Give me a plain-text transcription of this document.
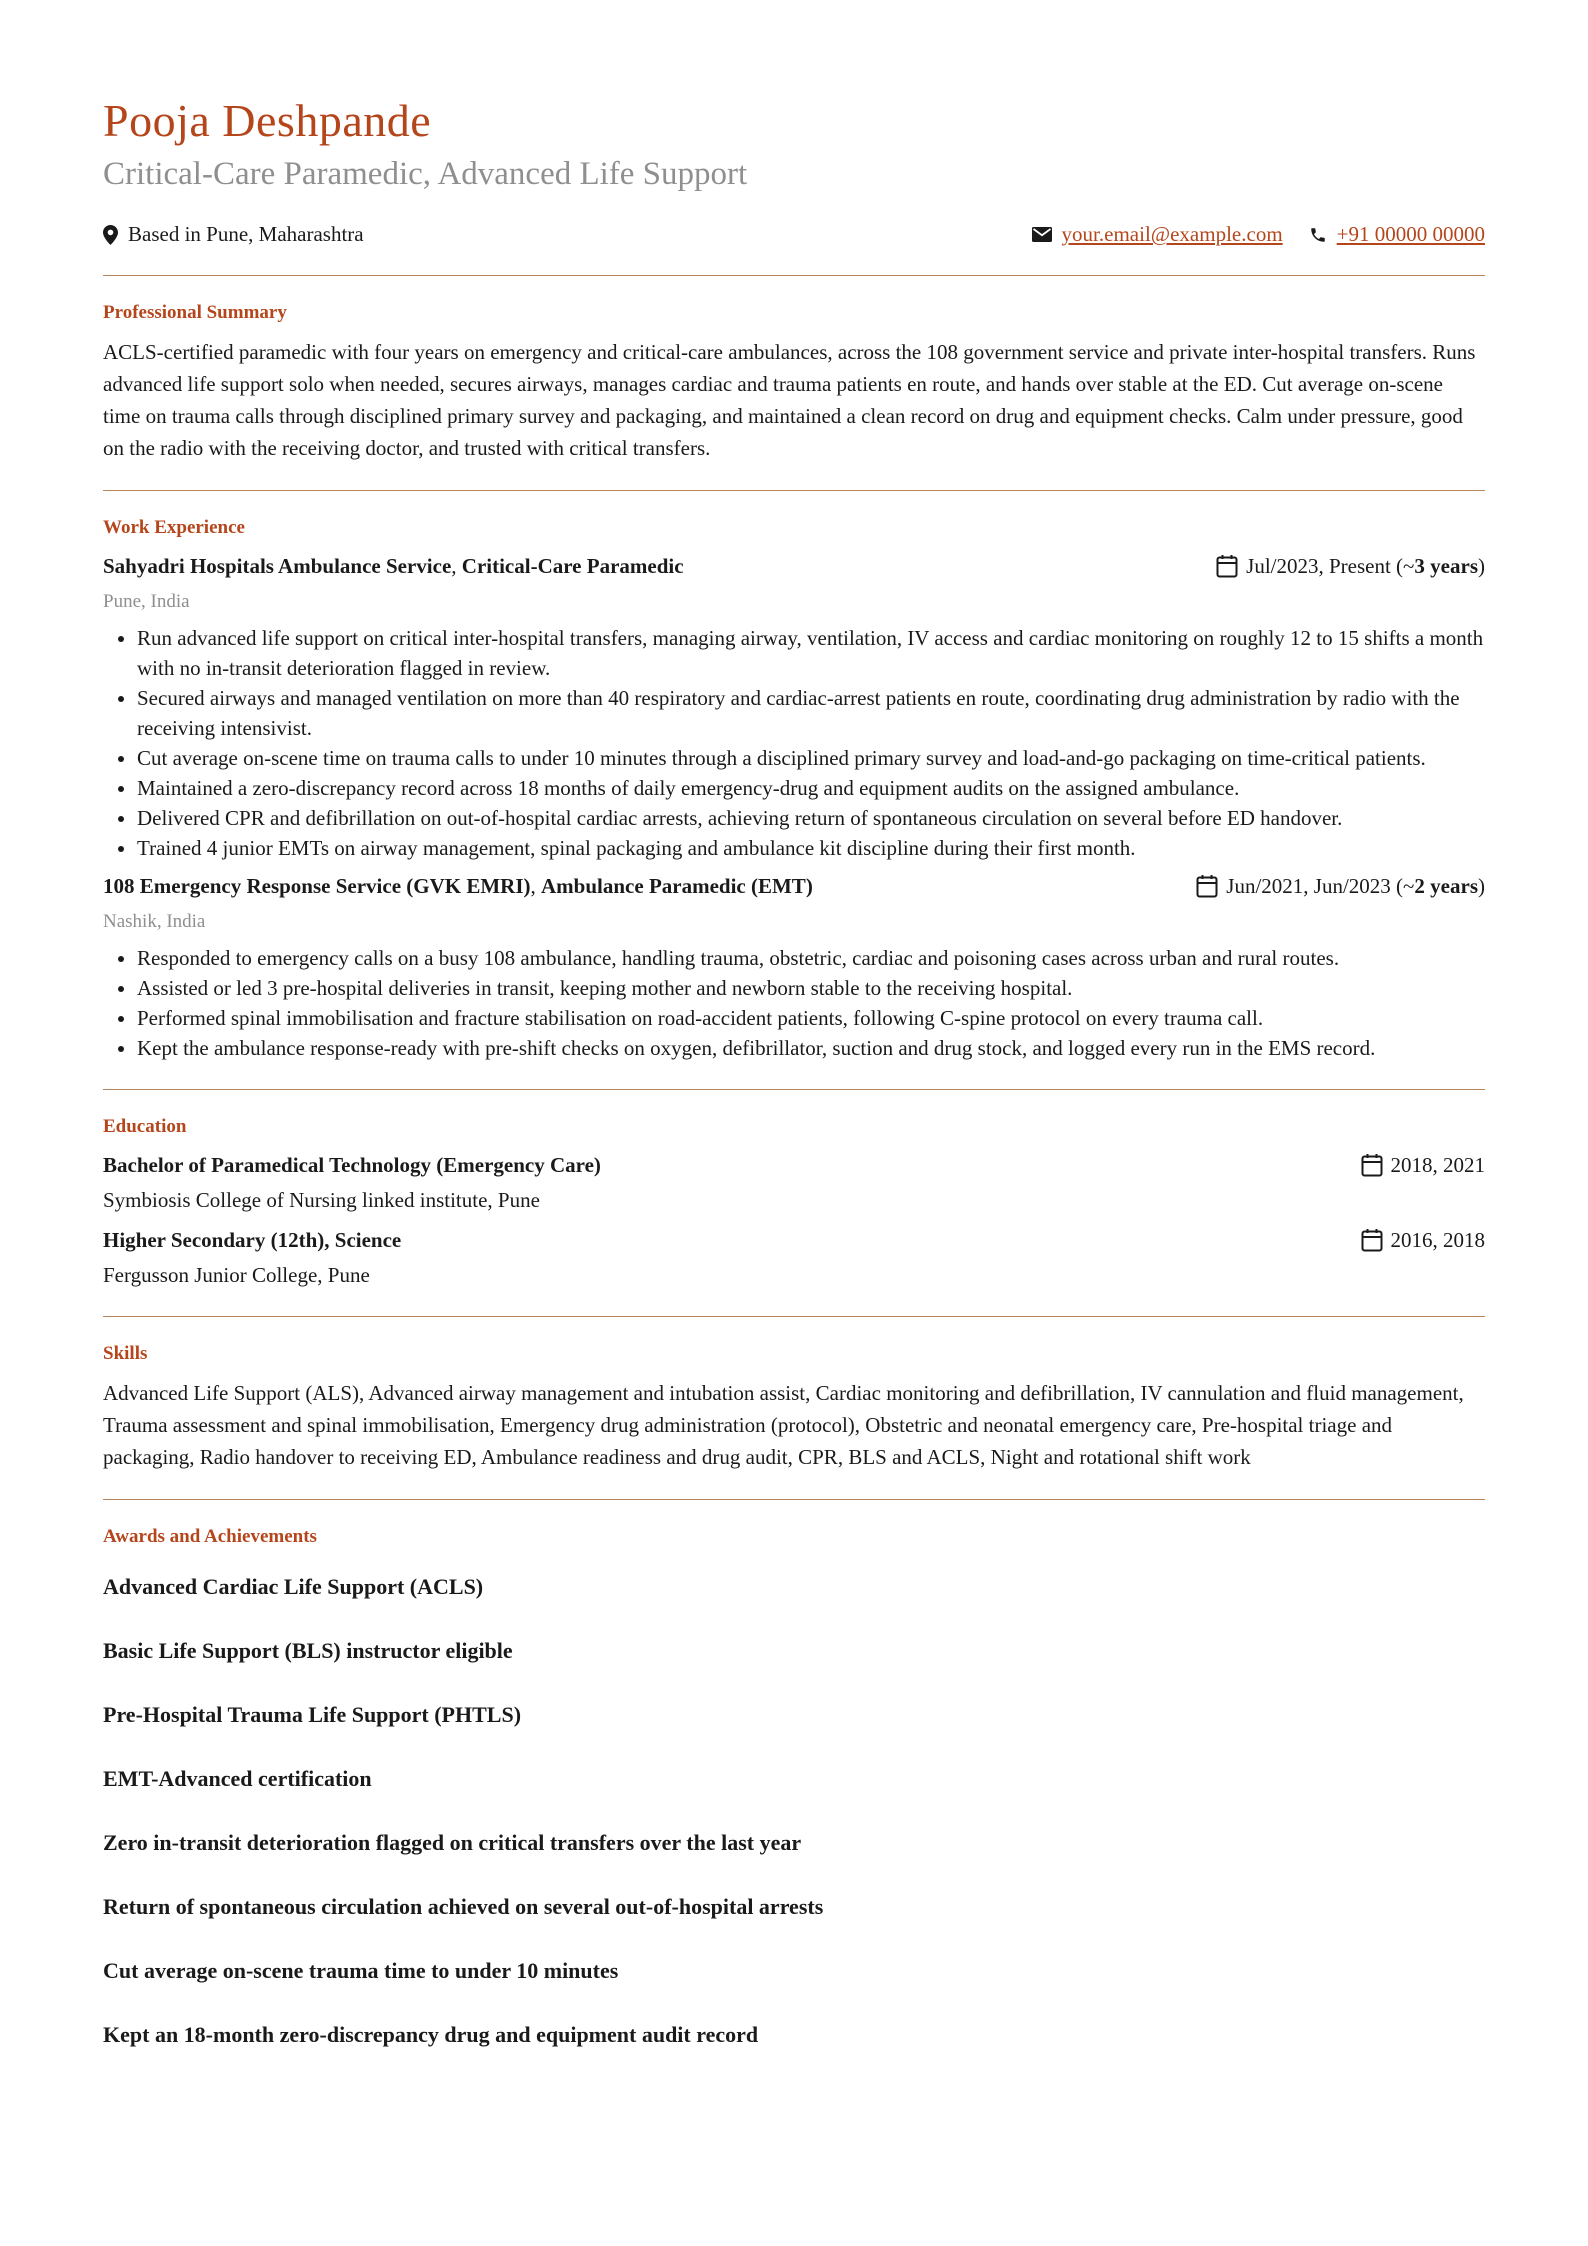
Pooja Deshpande
Critical-Care Paramedic, Advanced Life Support
Based in Pune, Maharashtra	your.email@example.com	+91 00000 00000
Professional Summary

ACLS-certified paramedic with four years on emergency and critical-care ambulances, across the 108 government service and private inter-hospital transfers. Runs advanced life support solo when needed, secures airways, manages cardiac and trauma patients en route, and hands over stable at the ED. Cut average on-scene time on trauma calls through disciplined primary survey and packaging, and maintained a clean record on drug and equipment checks. Calm under pressure, good on the radio with the receiving doctor, and trusted with critical transfers.

Work Experience
Sahyadri Hospitals Ambulance Service, Critical-Care Paramedic	Jul/2023, Present (~ 3 years )
Pune, India
• Run advanced life support on critical inter-hospital transfers, managing airway, ventilation, IV access and cardiac monitoring on roughly 12 to 15 shifts a month with no in-transit deterioration flagged in review.
• Secured airways and managed ventilation on more than 40 respiratory and cardiac-arrest patients en route, coordinating drug administration by radio with the receiving intensivist.
• Cut average on-scene time on trauma calls to under 10 minutes through a disciplined primary survey and load-and-go packaging on time-critical patients.
• Maintained a zero-discrepancy record across 18 months of daily emergency-drug and equipment audits on the assigned ambulance.
• Delivered CPR and defibrillation on out-of-hospital cardiac arrests, achieving return of spontaneous circulation on several before ED handover.
• Trained 4 junior EMTs on airway management, spinal packaging and ambulance kit discipline during their first month.
108 Emergency Response Service (GVK EMRI), Ambulance Paramedic (EMT)	Jun/2021, Jun/2023 (~ 2 years )
Nashik, India
• Responded to emergency calls on a busy 108 ambulance, handling trauma, obstetric, cardiac and poisoning cases across urban and rural routes.
• Assisted or led 3 pre-hospital deliveries in transit, keeping mother and newborn stable to the receiving hospital.
• Performed spinal immobilisation and fracture stabilisation on road-accident patients, following C-spine protocol on every trauma call.
• Kept the ambulance response-ready with pre-shift checks on oxygen, defibrillator, suction and drug stock, and logged every run in the EMS record.
Education
Bachelor of Paramedical Technology (Emergency Care)	2018, 2021
Symbiosis College of Nursing linked institute, Pune
Higher Secondary (12th), Science	2016, 2018
Fergusson Junior College, Pune
Skills

Advanced Life Support (ALS), Advanced airway management and intubation assist, Cardiac monitoring and defibrillation, IV cannulation and fluid management, Trauma assessment and spinal immobilisation, Emergency drug administration (protocol), Obstetric and neonatal emergency care, Pre-hospital triage and packaging, Radio handover to receiving ED, Ambulance readiness and drug audit, CPR, BLS and ACLS, Night and rotational shift work

Awards and Achievements

Advanced Cardiac Life Support (ACLS)

Basic Life Support (BLS) instructor eligible

Pre-Hospital Trauma Life Support (PHTLS)

EMT-Advanced certification

Zero in-transit deterioration flagged on critical transfers over the last year

Return of spontaneous circulation achieved on several out-of-hospital arrests

Cut average on-scene trauma time to under 10 minutes

Kept an 18-month zero-discrepancy drug and equipment audit record
